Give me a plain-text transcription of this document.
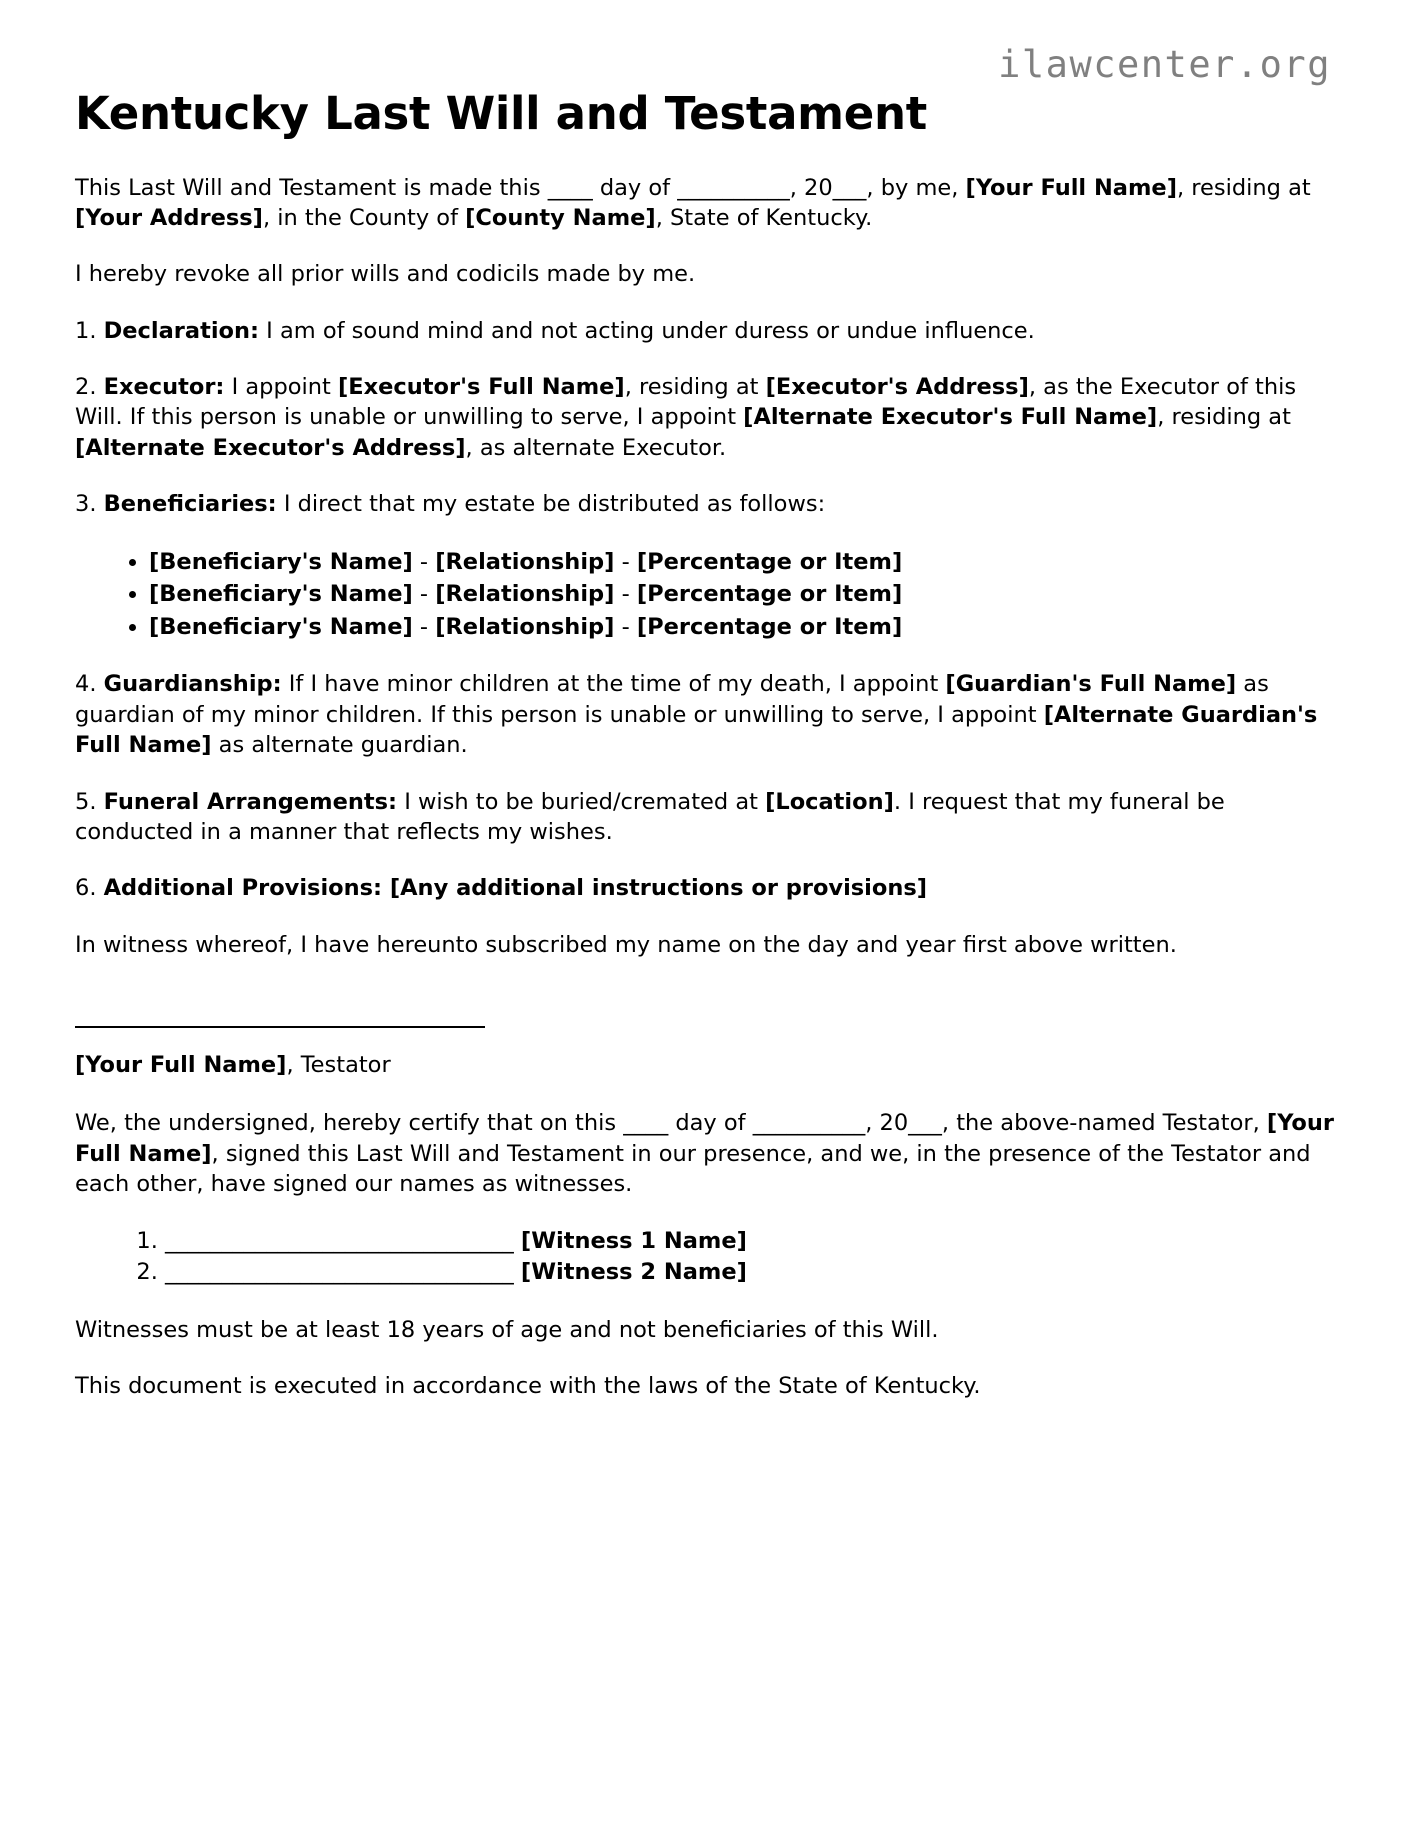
ilawcenter.org
Kentucky Last Will and Testament

This Last Will and Testament is made this ____ day of __________, 20___, by me, [Your Full Name], residing at [Your Address], in the County of [County Name], State of Kentucky.

I hereby revoke all prior wills and codicils made by me.

1. Declaration: I am of sound mind and not acting under duress or undue influence.

2. Executor: I appoint [Executor's Full Name], residing at [Executor's Address], as the Executor of this Will. If this person is unable or unwilling to serve, I appoint [Alternate Executor's Full Name], residing at [Alternate Executor's Address], as alternate Executor.

3. Beneficiaries: I direct that my estate be distributed as follows:

• [Beneficiary's Name] - [Relationship] - [Percentage or Item]
• [Beneficiary's Name] - [Relationship] - [Percentage or Item]
• [Beneficiary's Name] - [Relationship] - [Percentage or Item]

4. Guardianship: If I have minor children at the time of my death, I appoint [Guardian's Full Name] as guardian of my minor children. If this person is unable or unwilling to serve, I appoint [Alternate Guardian's Full Name] as alternate guardian.

5. Funeral Arrangements: I wish to be buried/cremated at [Location]. I request that my funeral be conducted in a manner that reflects my wishes.

6. Additional Provisions: [Any additional instructions or provisions]

In witness whereof, I have hereunto subscribed my name on the day and year first above written.

[Your Full Name], Testator

We, the undersigned, hereby certify that on this ____ day of __________, 20___, the above-named Testator, [Your Full Name], signed this Last Will and Testament in our presence, and we, in the presence of the Testator and each other, have signed our names as witnesses.

1. _______________________________ [Witness 1 Name]
2. _______________________________ [Witness 2 Name]

Witnesses must be at least 18 years of age and not beneficiaries of this Will.

This document is executed in accordance with the laws of the State of Kentucky.
